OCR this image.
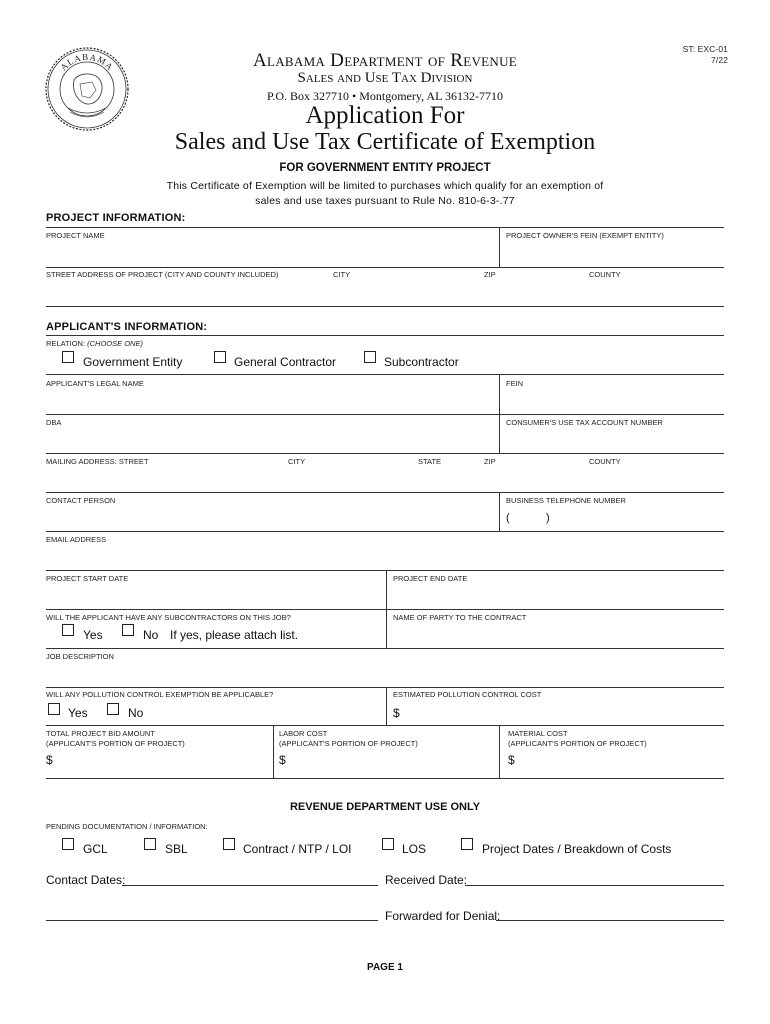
ST: EXC-01
7/22
ALABAMA	Alabama Department of Revenue
Sales and Use Tax Division
P.O. Box 327710 • Montgomery, AL 36132-7710
Application For
Sales and Use Tax Certificate of Exemption
FOR GOVERNMENT ENTITY PROJECT
This Certificate of Exemption will be limited to purchases which qualify for an exemption of
sales and use taxes pursuant to Rule No. 810-6-3-.77
PROJECT INFORMATION:
PROJECT NAME	PROJECT OWNER'S FEIN (EXEMPT ENTITY)
STREET ADDRESS OF PROJECT (CITY AND COUNTY INCLUDED)	CITY	ZIP	COUNTY
APPLICANT'S INFORMATION:
RELATION: (CHOOSE ONE)
Government Entity	General Contractor	Subcontractor
APPLICANT'S LEGAL NAME	FEIN
DBA	CONSUMER'S USE TAX ACCOUNT NUMBER
MAILING ADDRESS: STREET	CITY	STATE	ZIP	COUNTY
CONTACT PERSON	BUSINESS TELEPHONE NUMBER
(	)
EMAIL ADDRESS
PROJECT START DATE	PROJECT END DATE
WILL THE APPLICANT HAVE ANY SUBCONTRACTORS ON THIS JOB?
Yes	No If yes, please attach list.
NAME OF PARTY TO THE CONTRACT
JOB DESCRIPTION
WILL ANY POLLUTION CONTROL EXEMPTION BE APPLICABLE?
Yes	No
ESTIMATED POLLUTION CONTROL COST
$
TOTAL PROJECT BID AMOUNT
(APPLICANT'S PORTION OF PROJECT)
$
LABOR COST
(APPLICANT'S PORTION OF PROJECT)
$
MATERIAL COST
(APPLICANT'S PORTION OF PROJECT)
$
REVENUE DEPARTMENT USE ONLY
PENDING DOCUMENTATION / INFORMATION:
GCL	SBL	Contract / NTP / LOI	LOS	Project Dates / Breakdown of Costs
Contact Dates:	Received Date:
Forwarded for Denial:
PAGE 1
